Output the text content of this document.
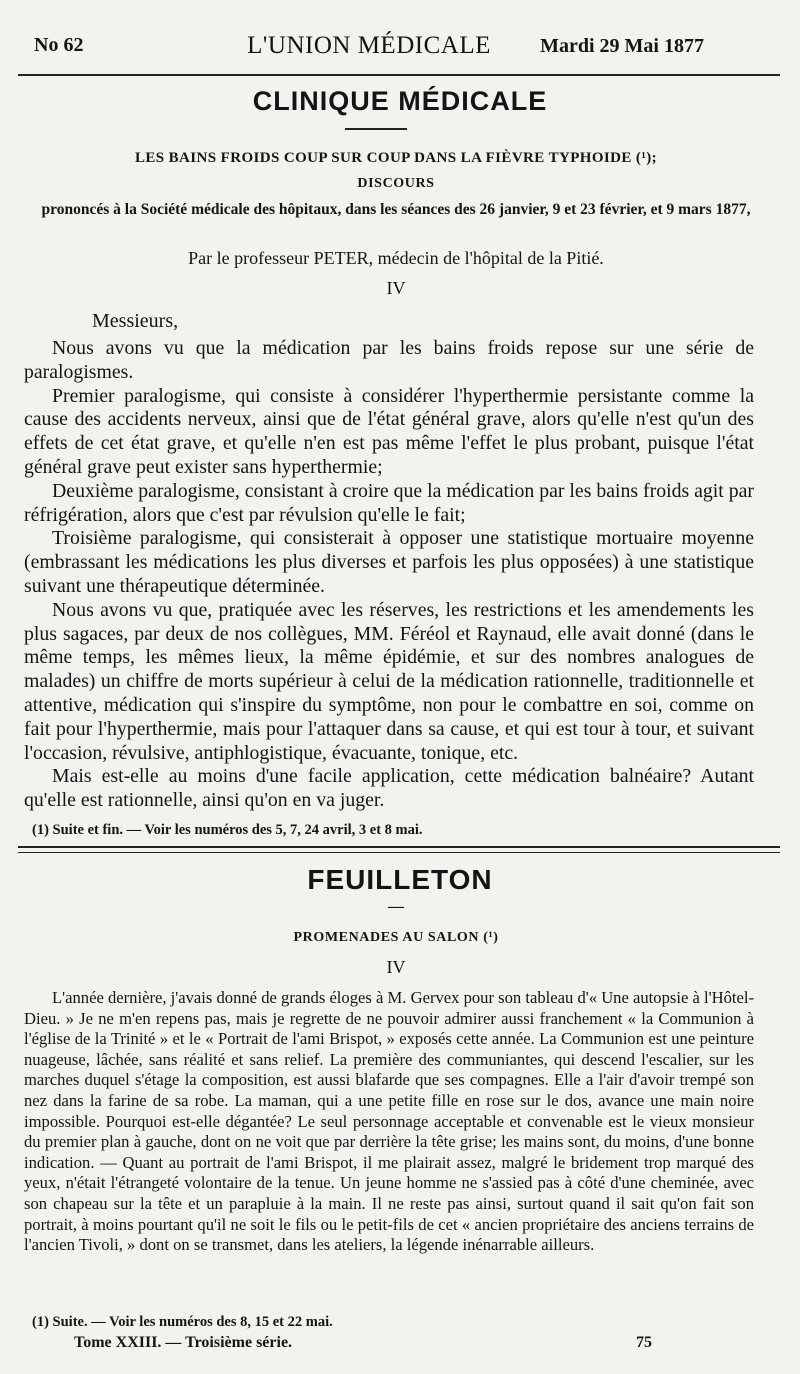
No 62	L'UNION MÉDICALE	Mardi 29 Mai 1877
CLINIQUE MÉDICALE
LES BAINS FROIDS COUP SUR COUP DANS LA FIÈVRE TYPHOIDE (¹);
DISCOURS
prononcés à la Société médicale des hôpitaux, dans les séances des 26 janvier, 9 et 23 février, et 9 mars 1877,
Par le professeur PETER, médecin de l'hôpital de la Pitié.
IV
Messieurs,

Nous avons vu que la médication par les bains froids repose sur une série de paralogismes.

Premier paralogisme, qui consiste à considérer l'hyperthermie persistante comme la cause des accidents nerveux, ainsi que de l'état général grave, alors qu'elle n'est qu'un des effets de cet état grave, et qu'elle n'en est pas même l'effet le plus probant, puisque l'état général grave peut exister sans hyperthermie;

Deuxième paralogisme, consistant à croire que la médication par les bains froids agit par réfrigération, alors que c'est par révulsion qu'elle le fait;

Troisième paralogisme, qui consisterait à opposer une statistique mortuaire moyenne (embrassant les médications les plus diverses et parfois les plus opposées) à une statistique suivant une thérapeutique déterminée.

Nous avons vu que, pratiquée avec les réserves, les restrictions et les amendements les plus sagaces, par deux de nos collègues, MM. Féréol et Raynaud, elle avait donné (dans le même temps, les mêmes lieux, la même épidémie, et sur des nombres analogues de malades) un chiffre de morts supérieur à celui de la médication rationnelle, traditionnelle et attentive, médication qui s'inspire du symptôme, non pour le combattre en soi, comme on fait pour l'hyperthermie, mais pour l'attaquer dans sa cause, et qui est tour à tour, et suivant l'occasion, révulsive, antiphlogistique, évacuante, tonique, etc.

Mais est-elle au moins d'une facile application, cette médication balnéaire? Autant qu'elle est rationnelle, ainsi qu'on en va juger.

(1) Suite et fin. — Voir les numéros des 5, 7, 24 avril, 3 et 8 mai.
FEUILLETON
—
PROMENADES AU SALON (¹)
IV

L'année dernière, j'avais donné de grands éloges à M. Gervex pour son tableau d'« Une autopsie à l'Hôtel-Dieu. » Je ne m'en repens pas, mais je regrette de ne pouvoir admirer aussi franchement « la Communion à l'église de la Trinité » et le « Portrait de l'ami Brispot, » exposés cette année. La Communion est une peinture nuageuse, lâchée, sans réalité et sans relief. La première des communiantes, qui descend l'escalier, sur les marches duquel s'étage la composition, est aussi blafarde que ses compagnes. Elle a l'air d'avoir trempé son nez dans la farine de sa robe. La maman, qui a une petite fille en rose sur le dos, avance une main noire impossible. Pourquoi est-elle dégantée? Le seul personnage acceptable et convenable est le vieux monsieur du premier plan à gauche, dont on ne voit que par derrière la tête grise; les mains sont, du moins, d'une bonne indication. — Quant au portrait de l'ami Brispot, il me plairait assez, malgré le bridement trop marqué des yeux, n'était l'étrangeté volontaire de la tenue. Un jeune homme ne s'assied pas à côté d'une cheminée, avec son chapeau sur la tête et un parapluie à la main. Il ne reste pas ainsi, surtout quand il sait qu'on fait son portrait, à moins pourtant qu'il ne soit le fils ou le petit-fils de cet « ancien propriétaire des anciens terrains de l'ancien Tivoli, » dont on se transmet, dans les ateliers, la légende inénarrable ailleurs.

(1) Suite. — Voir les numéros des 8, 15 et 22 mai.
Tome XXIII. — Troisième série.	75
